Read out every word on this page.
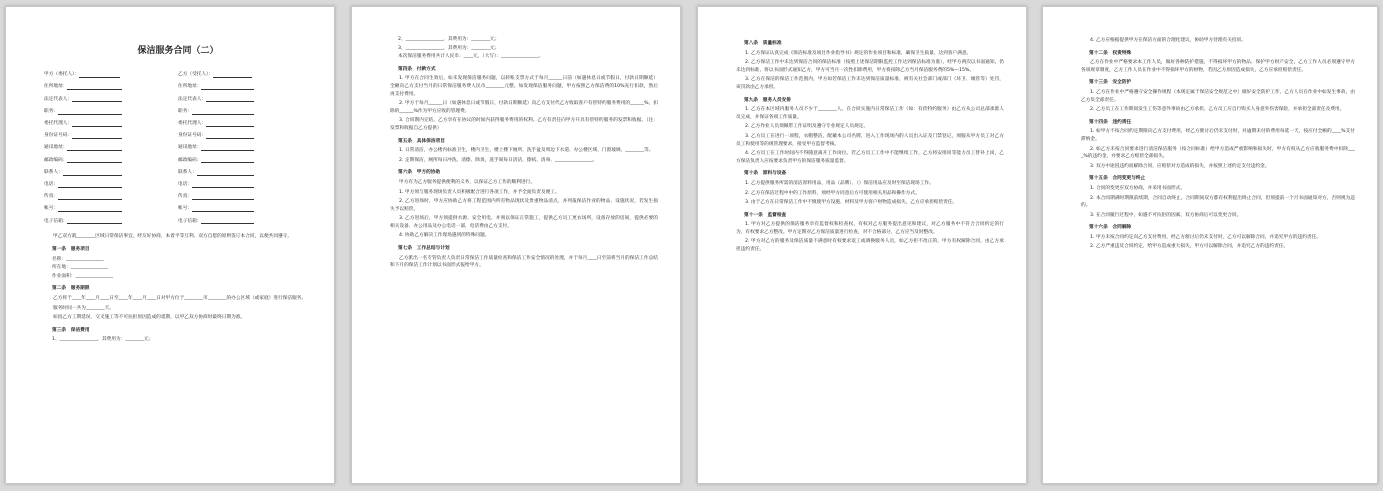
保洁服务合同（二）
甲方（委托人）：	乙方（受托人）：
住所地址：	住所地址：
法定代表人：	法定代表人：
职务：	职务：
委托代理人：	委托代理人：
身份证号码：	身份证号码：
通讯地址：	通讯地址：
邮政编码：	邮政编码：
联系人：	联系人：
电话：	电话：
传真：	传真：
帐号：	帐号：
电子信箱：	电子信箱：
甲乙双方就________区域日常保洁事宜，经友好协商，本着平等互利、双方自愿的原则签订本合同，以便共同遵守。
第一条　服务项目
名称：________________
所在地：________________
作业面积：________________
第二条　服务期限
乙方将于____年____月____日至____年____月____日对甲方位于________市________的办公区域（或家庭）进行保洁服务。
服务时间一共为________天。
如因乙方工期延误、交叉施工等不可抗拒原因造成的延期，以甲乙双方协商时最终日期为准。
第三条　保洁费用
1、________________，其费用为：________元；
2、________________，其费用为：________元；
3、________________，其费用为：________元；
本次保洁服务费用共计人民币：____元，（大写）：________________。
第四条　付款方式
1. 甲方在合同生效后，如未发现保洁服务问题，以转账支票方式于每月______日前（如遇休息日或节假日，付款日期顺延）全额向乙方支付当月的日常保洁服务费人民币________元整。如发现保洁服务问题，甲方按照乙方保洁费的10%先行扣款，然后再支付费用。
2. 甲方于每月______日（如遇休息日或节假日，付款日期顺延）向乙方支付代乙方收取客户有偿特约服务费用的______%，扣除的______%作为甲方应收的管理费。
3. 合同期内完结，乙方享有在协议的时间内获得服务费用的权利。乙方有责任向甲方开具有偿特约服务的发票和收据。（注：发票和收据自乙方提供）
第五条　具体保洁项目
1. 日常清洁，办公楼内标准卫生，楼内卫生、楼上楼下厕所、洗手盆及周边下水道、办公楼区域、门窗玻璃、________等。
2. 定期保洁，厕所每日冲洗、清擦、除臭，洗手间每日清洁、擦拭、清毒、________________。
第六条　甲方的协助
甲方有为乙方服务提供便利的义务，以保证乙方工作的顺利进行。
1. 甲方须与服务现场负责人员积极配合进行各项工作，并予全面负责及便工。
2. 乙方进场时，甲方应协助乙方将工程范围内所有物品现状及贵重物品清点，并列报保洁作业的物品、设施状况，若发生损失予以赔偿。
3. 乙方进场后，甲方须提供水源、安全用电，并须以保证正常施工，提供乙方员工更衣场所，设备存放的房间，提供必要的相关设备、办公用品及办公电话一部，电话费由乙方支付。
4. 协助乙方解决工作现场遇到的特殊问题。
第七条　工作总结与计划
乙方派出一名专管负责人负责日常保洁工作质量检查和保洁工作安全情况的处理，并于每月____日至前将当月的保洁工作总结和下月的保洁工作计划以书面形式报给甲方。
第八条　质量标准
1. 乙方保证认真完成《保洁标准及项目作业指导书》规定的作业项目和标准，确保卫生质量、达到客户满意。
2. 乙方保洁工作中未达到保洁合同的保洁标准（按照上述保洁期限监控工作达到保洁标准为准），经甲方两次以书面通知，仍未达到标准，将以书面形式通知乙方，甲方可当月一次性扣除费用，甲方将扣除乙方当月保洁服务费的5%—15%。
3. 乙方在保洁的保洁工作范围内，甲方如若保洁工作未达到保洁质量标准，被有关社会部门或部门（环卫、城管等）处罚，该罚款由乙方承担。
第九条　服务人员安排
1. 乙方在本区域内服务人员不少于________人。在合同实施内日常保洁工作（如：有偿特约服务）由乙方从公司总部承派人员完成，并保证各项工作质量。
2. 乙方作业人员须佩带工作证明及遵守专业规定人员规定。
3. 乙方员工在进行一项程，衣帽整洁，配戴本公司名牌，进入工作现场内的人员出入证及门禁登记，须服从甲方员工对乙方员工和使用等的规管理要求，接受甲方监督考核。
4. 乙方员工在工作时间内不得随意离开工作岗位。若乙方员工工作中不能继续工作，乙方将安排同等能力员工替补上岗，乙方保洁负责人应按要求负责甲方的保洁服务质量监督。
第十条　原料与设备
1. 乙方提供服务所需的清洁原料用品，用品（品牌）、（）保洁用品应及时至保洁现场工作。
2. 乙方在保洁过程中中的工作原料，须经甲方同意后方可使用相关用品和操作方式。
3. 由于乙方在日常保洁工作中不慎使甲方设施、材料及甲方客户财物造成损失，乙方应承担赔偿责任。
第十一条　监督检查
1. 甲方对乙方提供的保洁服务享有监督权和检查权，有权对乙方服务提出意见和建议，对乙方服务中不符合合同约定的行为，有权要求乙方整改。甲方定期对乙方保洁质量进行检查，对不合格部分，乙方应当及时整改。
2. 甲方对乙方的服务及保洁质量不满意时有权要求返工或调换服务人员，如乙方拒不改正的，甲方有权解除合同，由乙方承担违约责任。
4. 乙方应根据提供甲方在保洁方面的合理化建议，协助甲方处理有关投诉。
第十二条　权责特殊
乙方在作业中严格要求本工作人员，做好各种防护措施，不得损坏甲方的物品、保护甲方财产安全，乙方工作人员必须遵守甲方各项规章制度，乙方工作人员在作业中不得损坏甲方的财物，若因乙方原因造成损失，乙方应承担赔偿责任。
第十三条　安全防护
1. 乙方在作业中严格遵守安全操作规程（本规定属于保洁安全规范之中）做好安全防护工作，乙方人员在作业中如发生事故，由乙方负全部责任。
2. 乙方员工在工作期间发生工伤等意外事故由乙方承担，乙方员工应自行购买人身意外伤害保险，并承担全部责任及费用。
第十四条　违约责任
1. 如甲方不按合同约定期限向乙方支付费用，经乙方催讨后仍未支付时，对逾期未付的费用每延一天，按应付全额的____%支付滞纳金。
2. 如乙方未按合同要求进行清洁保洁服务（按合同标准）给甲方造成严重影响和损失时，甲方有权从乙方应收服务费中扣除____%的违约金，并要求乙方赔偿全部损失。
3. 双方中途因违约而解除合同，应赔偿对方造成的损失，并按照上述约定支付违约金。
第十五条　合同变更与终止
1. 合同的变更应双方协商，并采用书面形式。
2. 本合同期满时期限前续期，合同自动终止。合同期间双方都有权利提出终止合同，但须提前一个月书面通知对方，否则视为违约。
3. 在合同履行过程中，如遇不可抗拒的因素，双方协商后可以变更合同。
第十六条　合同解除
1. 甲方未按合同约定向乙方支付费用，经乙方催讨后仍未支付时，乙方可以解除合同，并追究甲方的违约责任。
2. 乙方严重违反合同约定，给甲方造成重大损失，甲方可以解除合同，并追究乙方的违约责任。
